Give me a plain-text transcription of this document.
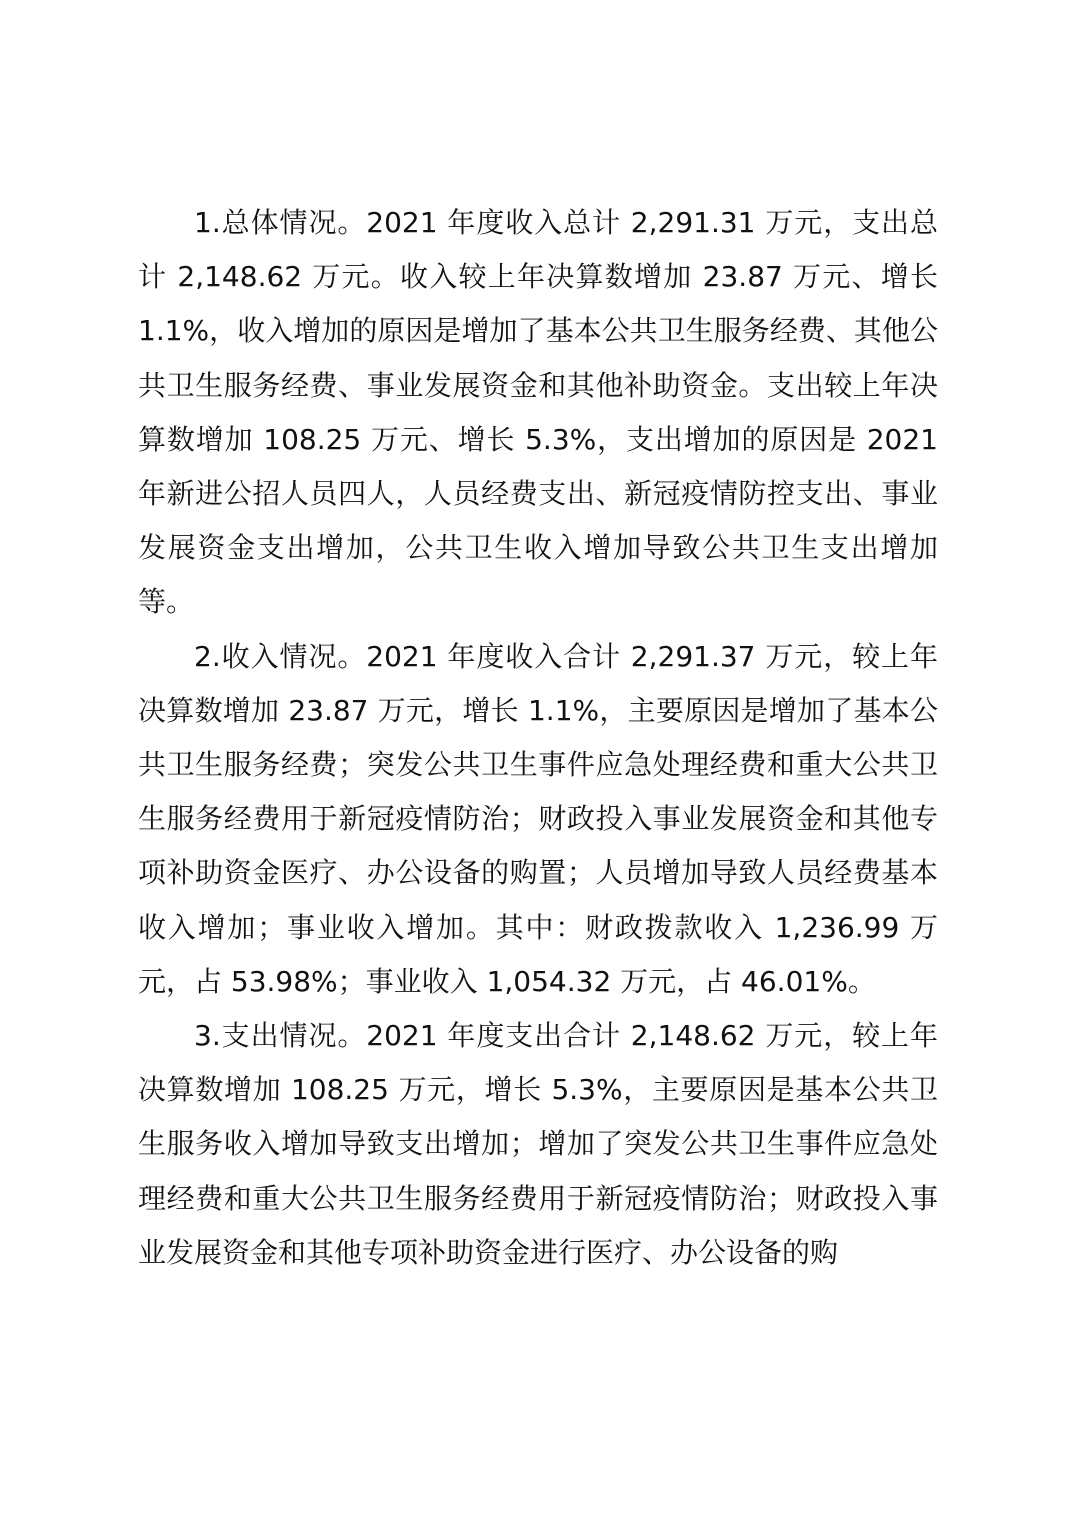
1.总体情况。2021 年度收入总计 2,291.31 万元，支出总计 2,148.62 万元。收入较上年决算数增加 23.87 万元、增长 1.1%，收入增加的原因是增加了基本公共卫生服务经费、其他公共卫生服务经费、事业发展资金和其他补助资金。支出较上年决算数增加 108.25 万元、增长 5.3%，支出增加的原因是 2021 年新进公招人员四人，人员经费支出、新冠疫情防控支出、事业发展资金支出增加，公共卫生收入增加导致公共卫生支出增加等。

2.收入情况。2021 年度收入合计 2,291.37 万元，较上年决算数增加 23.87 万元，增长 1.1%，主要原因是增加了基本公共卫生服务经费；突发公共卫生事件应急处理经费和重大公共卫生服务经费用于新冠疫情防治；财政投入事业发展资金和其他专项补助资金医疗、办公设备的购置；人员增加导致人员经费基本收入增加；事业收入增加。其中：财政拨款收入 1,236.99 万元，占 53.98%；事业收入 1,054.32 万元，占 46.01%。

3.支出情况。2021 年度支出合计 2,148.62 万元，较上年决算数增加 108.25 万元，增长 5.3%，主要原因是基本公共卫生服务收入增加导致支出增加；增加了突发公共卫生事件应急处理经费和重大公共卫生服务经费用于新冠疫情防治；财政投入事业发展资金和其他专项补助资金进行医疗、办公设备的购
